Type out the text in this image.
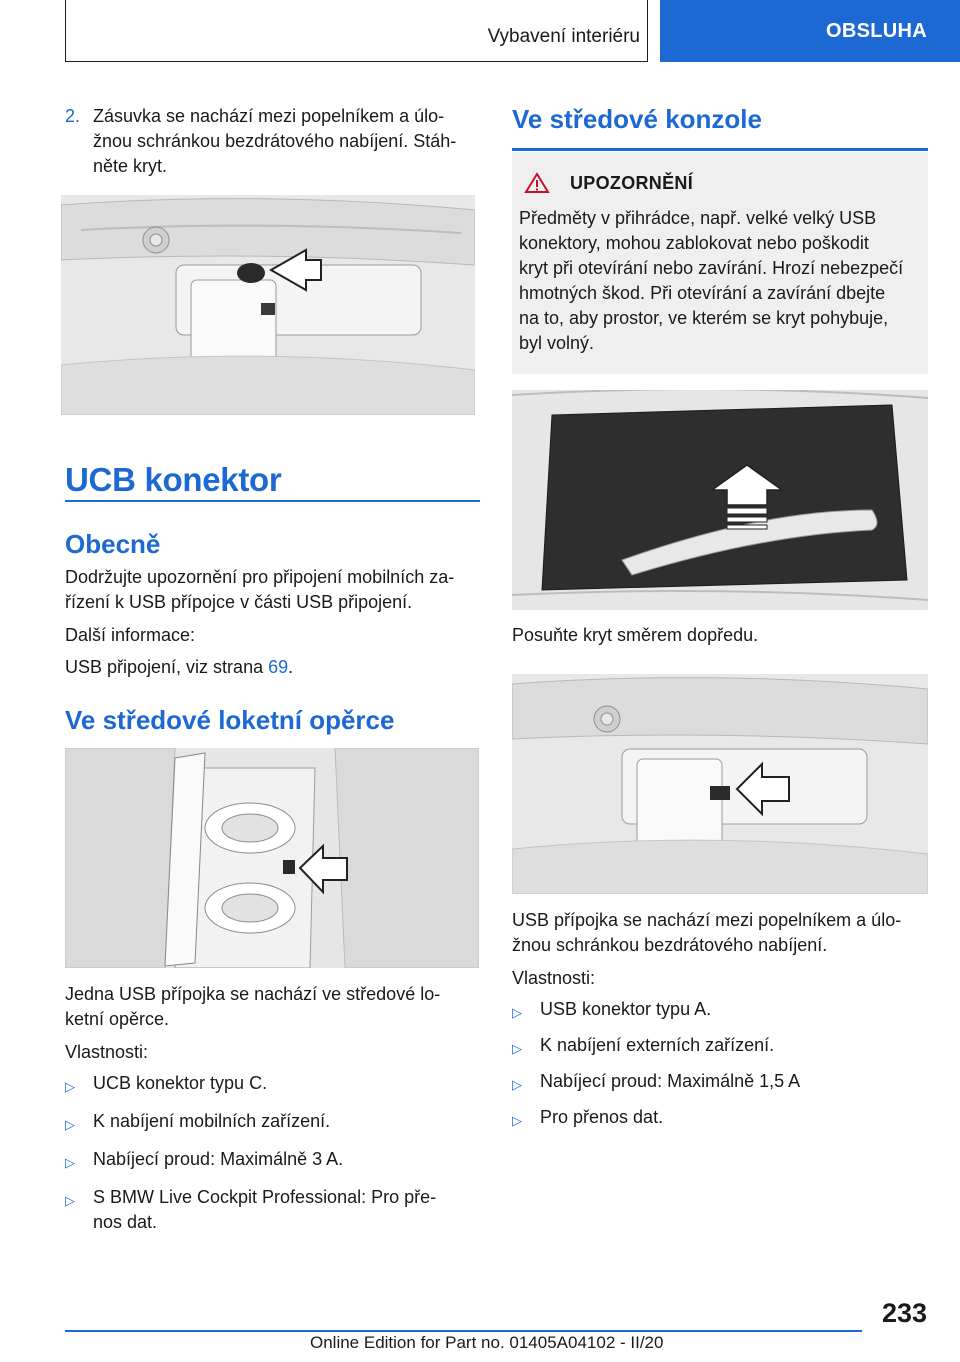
Vybavení interiéru	OBSLUHA
2. Zásuvka se nachází mezi popelníkem a úlo-
žnou schránkou bezdrátového nabíjení. Stáh-
něte kryt.
UCB konektor
Obecně
Dodržujte upozornění pro připojení mobilních za-
řízení k USB přípojce v části USB připojení.
Další informace:
USB připojení, viz strana 69.
Ve středové loketní opěrce
Jedna USB přípojka se nachází ve středové lo-
ketní opěrce.
Vlastnosti:
▷	UCB konektor typu C.
▷	K nabíjení mobilních zařízení.
▷	Nabíjecí proud: Maximálně 3 A.
▷	S BMW Live Cockpit Professional: Pro pře-
nos dat.
Ve středové konzole
UPOZORNĚNÍ
Předměty v přihrádce, např. velké velký USB
konektory, mohou zablokovat nebo poškodit
kryt při otevírání nebo zavírání. Hrozí nebezpečí
hmotných škod. Při otevírání a zavírání dbejte
na to, aby prostor, ve kterém se kryt pohybuje,
byl volný.
Posuňte kryt směrem dopředu.
USB přípojka se nachází mezi popelníkem a úlo-
žnou schránkou bezdrátového nabíjení.
Vlastnosti:
▷	USB konektor typu A.
▷	K nabíjení externích zařízení.
▷	Nabíjecí proud: Maximálně 1,5 A
▷	Pro přenos dat.
233
Online Edition for Part no. 01405A04102 - II/20
